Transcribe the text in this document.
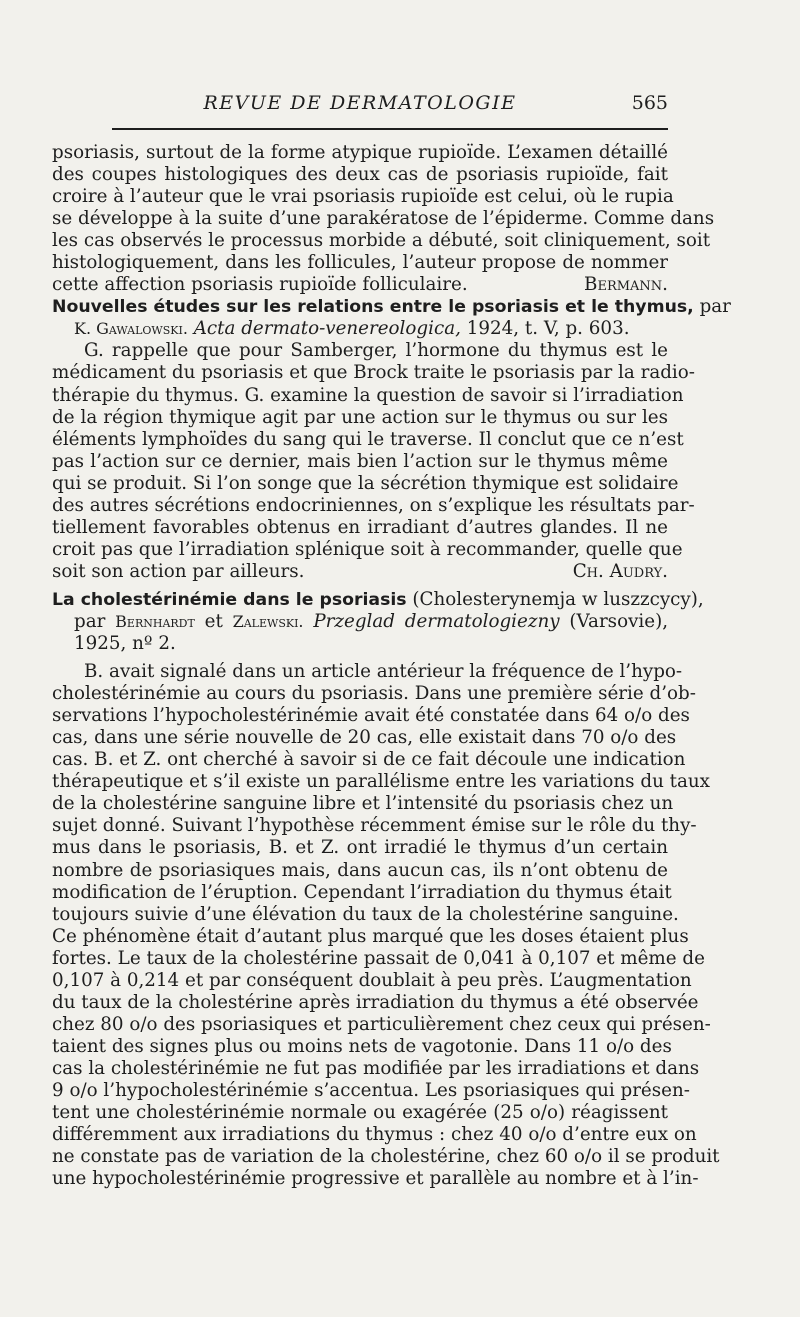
REVUE DE DERMATOLOGIE	565
psoriasis, surtout de la forme atypique rupioïde. L’examen détaillé
des coupes histologiques des deux cas de psoriasis rupioïde, fait
croire à l’auteur que le vrai psoriasis rupioïde est celui, où le rupia
se développe à la suite d’une parakératose de l’épiderme. Comme dans
les cas observés le processus morbide a débuté, soit cliniquement, soit
histologiquement, dans les follicules, l’auteur propose de nommer
cette affection psoriasis rupioïde folliculaire.	Bermann.
Nouvelles études sur les relations entre le psoriasis et le thymus, par
K. Gawalowski. Acta dermato-venereologica, 1924, t. V, p. 603.
G. rappelle que pour Samberger, l’hormone du thymus est le
médicament du psoriasis et que Brock traite le psoriasis par la radio-
thérapie du thymus. G. examine la question de savoir si l’irradiation
de la région thymique agit par une action sur le thymus ou sur les
éléments lymphoïdes du sang qui le traverse. Il conclut que ce n’est
pas l’action sur ce dernier, mais bien l’action sur le thymus même
qui se produit. Si l’on songe que la sécrétion thymique est solidaire
des autres sécrétions endocriniennes, on s’explique les résultats par-
tiellement favorables obtenus en irradiant d’autres glandes. Il ne
croit pas que l’irradiation splénique soit à recommander, quelle que
soit son action par ailleurs.	Ch. Audry.
La cholestérinémie dans le psoriasis (Cholesterynemja w luszzcycy),
par Bernhardt et Zalewski. Przeglad dermatologiezny (Varsovie),
1925, nº 2.
B. avait signalé dans un article antérieur la fréquence de l’hypo-
cholestérinémie au cours du psoriasis. Dans une première série d’ob-
servations l’hypocholestérinémie avait été constatée dans 64 o/o des
cas, dans une série nouvelle de 20 cas, elle existait dans 70 o/o des
cas. B. et Z. ont cherché à savoir si de ce fait découle une indication
thérapeutique et s’il existe un parallélisme entre les variations du taux
de la cholestérine sanguine libre et l’intensité du psoriasis chez un
sujet donné. Suivant l’hypothèse récemment émise sur le rôle du thy-
mus dans le psoriasis, B. et Z. ont irradié le thymus d’un certain
nombre de psoriasiques mais, dans aucun cas, ils n’ont obtenu de
modification de l’éruption. Cependant l’irradiation du thymus était
toujours suivie d’une élévation du taux de la cholestérine sanguine.
Ce phénomène était d’autant plus marqué que les doses étaient plus
fortes. Le taux de la cholestérine passait de 0,041 à 0,107 et même de
0,107 à 0,214 et par conséquent doublait à peu près. L’augmentation
du taux de la cholestérine après irradiation du thymus a été observée
chez 80 o/o des psoriasiques et particulièrement chez ceux qui présen-
taient des signes plus ou moins nets de vagotonie. Dans 11 o/o des
cas la cholestérinémie ne fut pas modifiée par les irradiations et dans
9 o/o l’hypocholestérinémie s’accentua. Les psoriasiques qui présen-
tent une cholestérinémie normale ou exagérée (25 o/o) réagissent
différemment aux irradiations du thymus : chez 40 o/o d’entre eux on
ne constate pas de variation de la cholestérine, chez 60 o/o il se produit
une hypocholestérinémie progressive et parallèle au nombre et à l’in-
